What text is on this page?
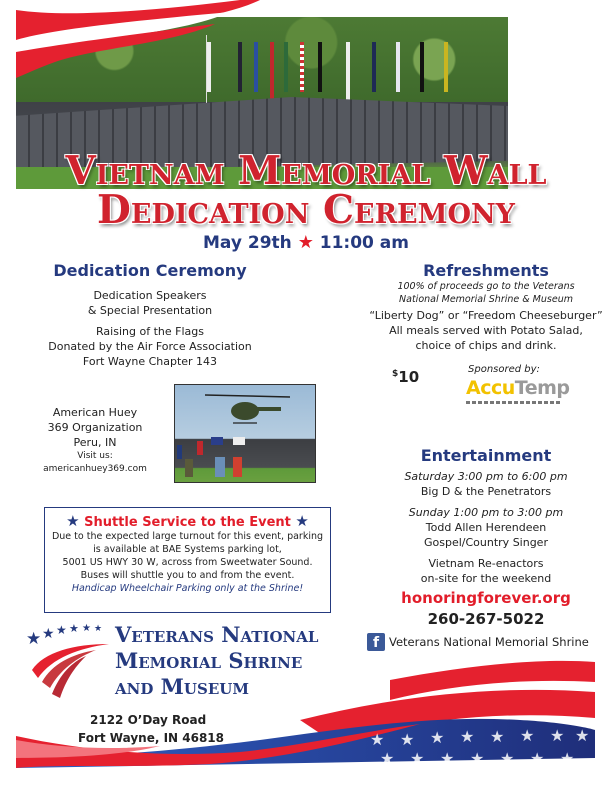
Vietnam Memorial Wall
Dedication Ceremony
May 29th ★ 11:00 am
Dedication Ceremony
Dedication Speakers
& Special Presentation
Raising of the Flags
Donated by the Air Force Association
Fort Wayne Chapter 143
American Huey
369 Organization
Peru, IN
Visit us: americanhuey369.com
★ Shuttle Service to the Event ★
Due to the expected large turnout for this event, parking
is available at BAE Systems parking lot,
5001 US HWY 30 W, across from Sweetwater Sound.
Buses will shuttle you to and from the event.
Handicap Wheelchair Parking only at the Shrine!
Refreshments
100% of proceeds go to the Veterans
National Memorial Shrine & Museum
“Liberty Dog” or “Freedom Cheeseburger”
All meals served with Potato Salad,
choice of chips and drink.
$10	Sponsored by:
AccuTemp
Entertainment
Saturday 3:00 pm to 6:00 pm
Big D & the Penetrators
Sunday 1:00 pm to 3:00 pm
Todd Allen Herendeen
Gospel/Country Singer
Vietnam Re-enactors
on-site for the weekend
honoringforever.org
260-267-5022
f Veterans National Memorial Shrine
★ ★ ★ ★ ★ ★ ★ ★
★ ★ ★ ★ ★ ★ ★
★ ★ ★ ★ ★ ★ Veterans National
Memorial Shrine
and Museum
2122 O’Day Road
Fort Wayne, IN 46818
